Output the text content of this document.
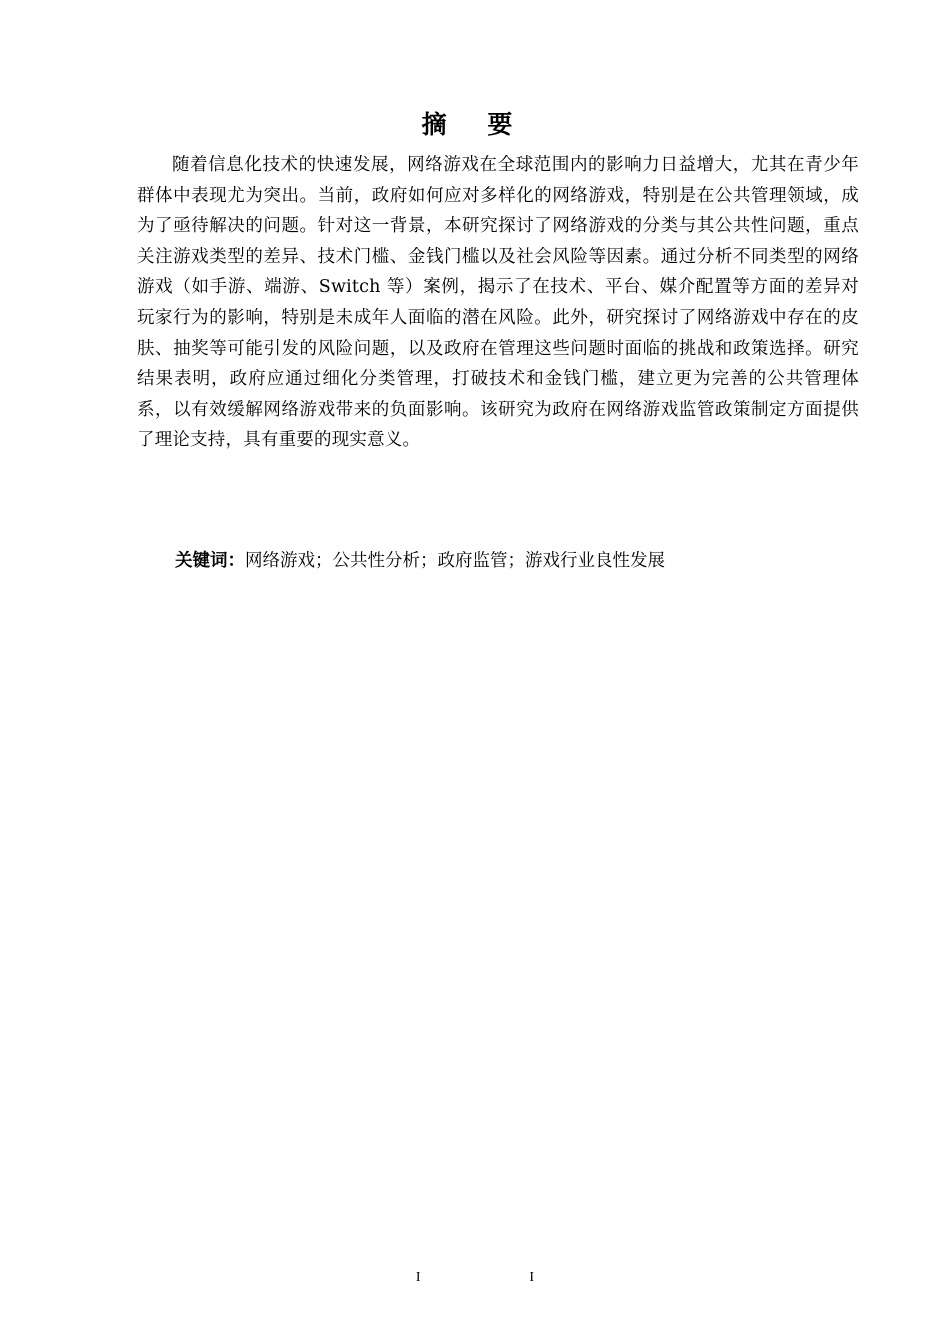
摘 要

随着信息化技术的快速发展，网络游戏在全球范围内的影响力日益增大，尤其在青少年群体中表现尤为突出。当前，政府如何应对多样化的网络游戏，特别是在公共管理领域，成为了亟待解决的问题。针对这一背景，本研究探讨了网络游戏的分类与其公共性问题，重点关注游戏类型的差异、技术门槛、金钱门槛以及社会风险等因素。通过分析不同类型的网络游戏（如手游、端游、Switch 等）案例，揭示了在技术、平台、媒介配置等方面的差异对玩家行为的影响，特别是未成年人面临的潜在风险。此外，研究探讨了网络游戏中存在的皮肤、抽奖等可能引发的风险问题，以及政府在管理这些问题时面临的挑战和政策选择。研究结果表明，政府应通过细化分类管理，打破技术和金钱门槛，建立更为完善的公共管理体系，以有效缓解网络游戏带来的负面影响。该研究为政府在网络游戏监管政策制定方面提供了理论支持，具有重要的现实意义。

关键词：网络游戏；公共性分析；政府监管；游戏行业良性发展
I	I
